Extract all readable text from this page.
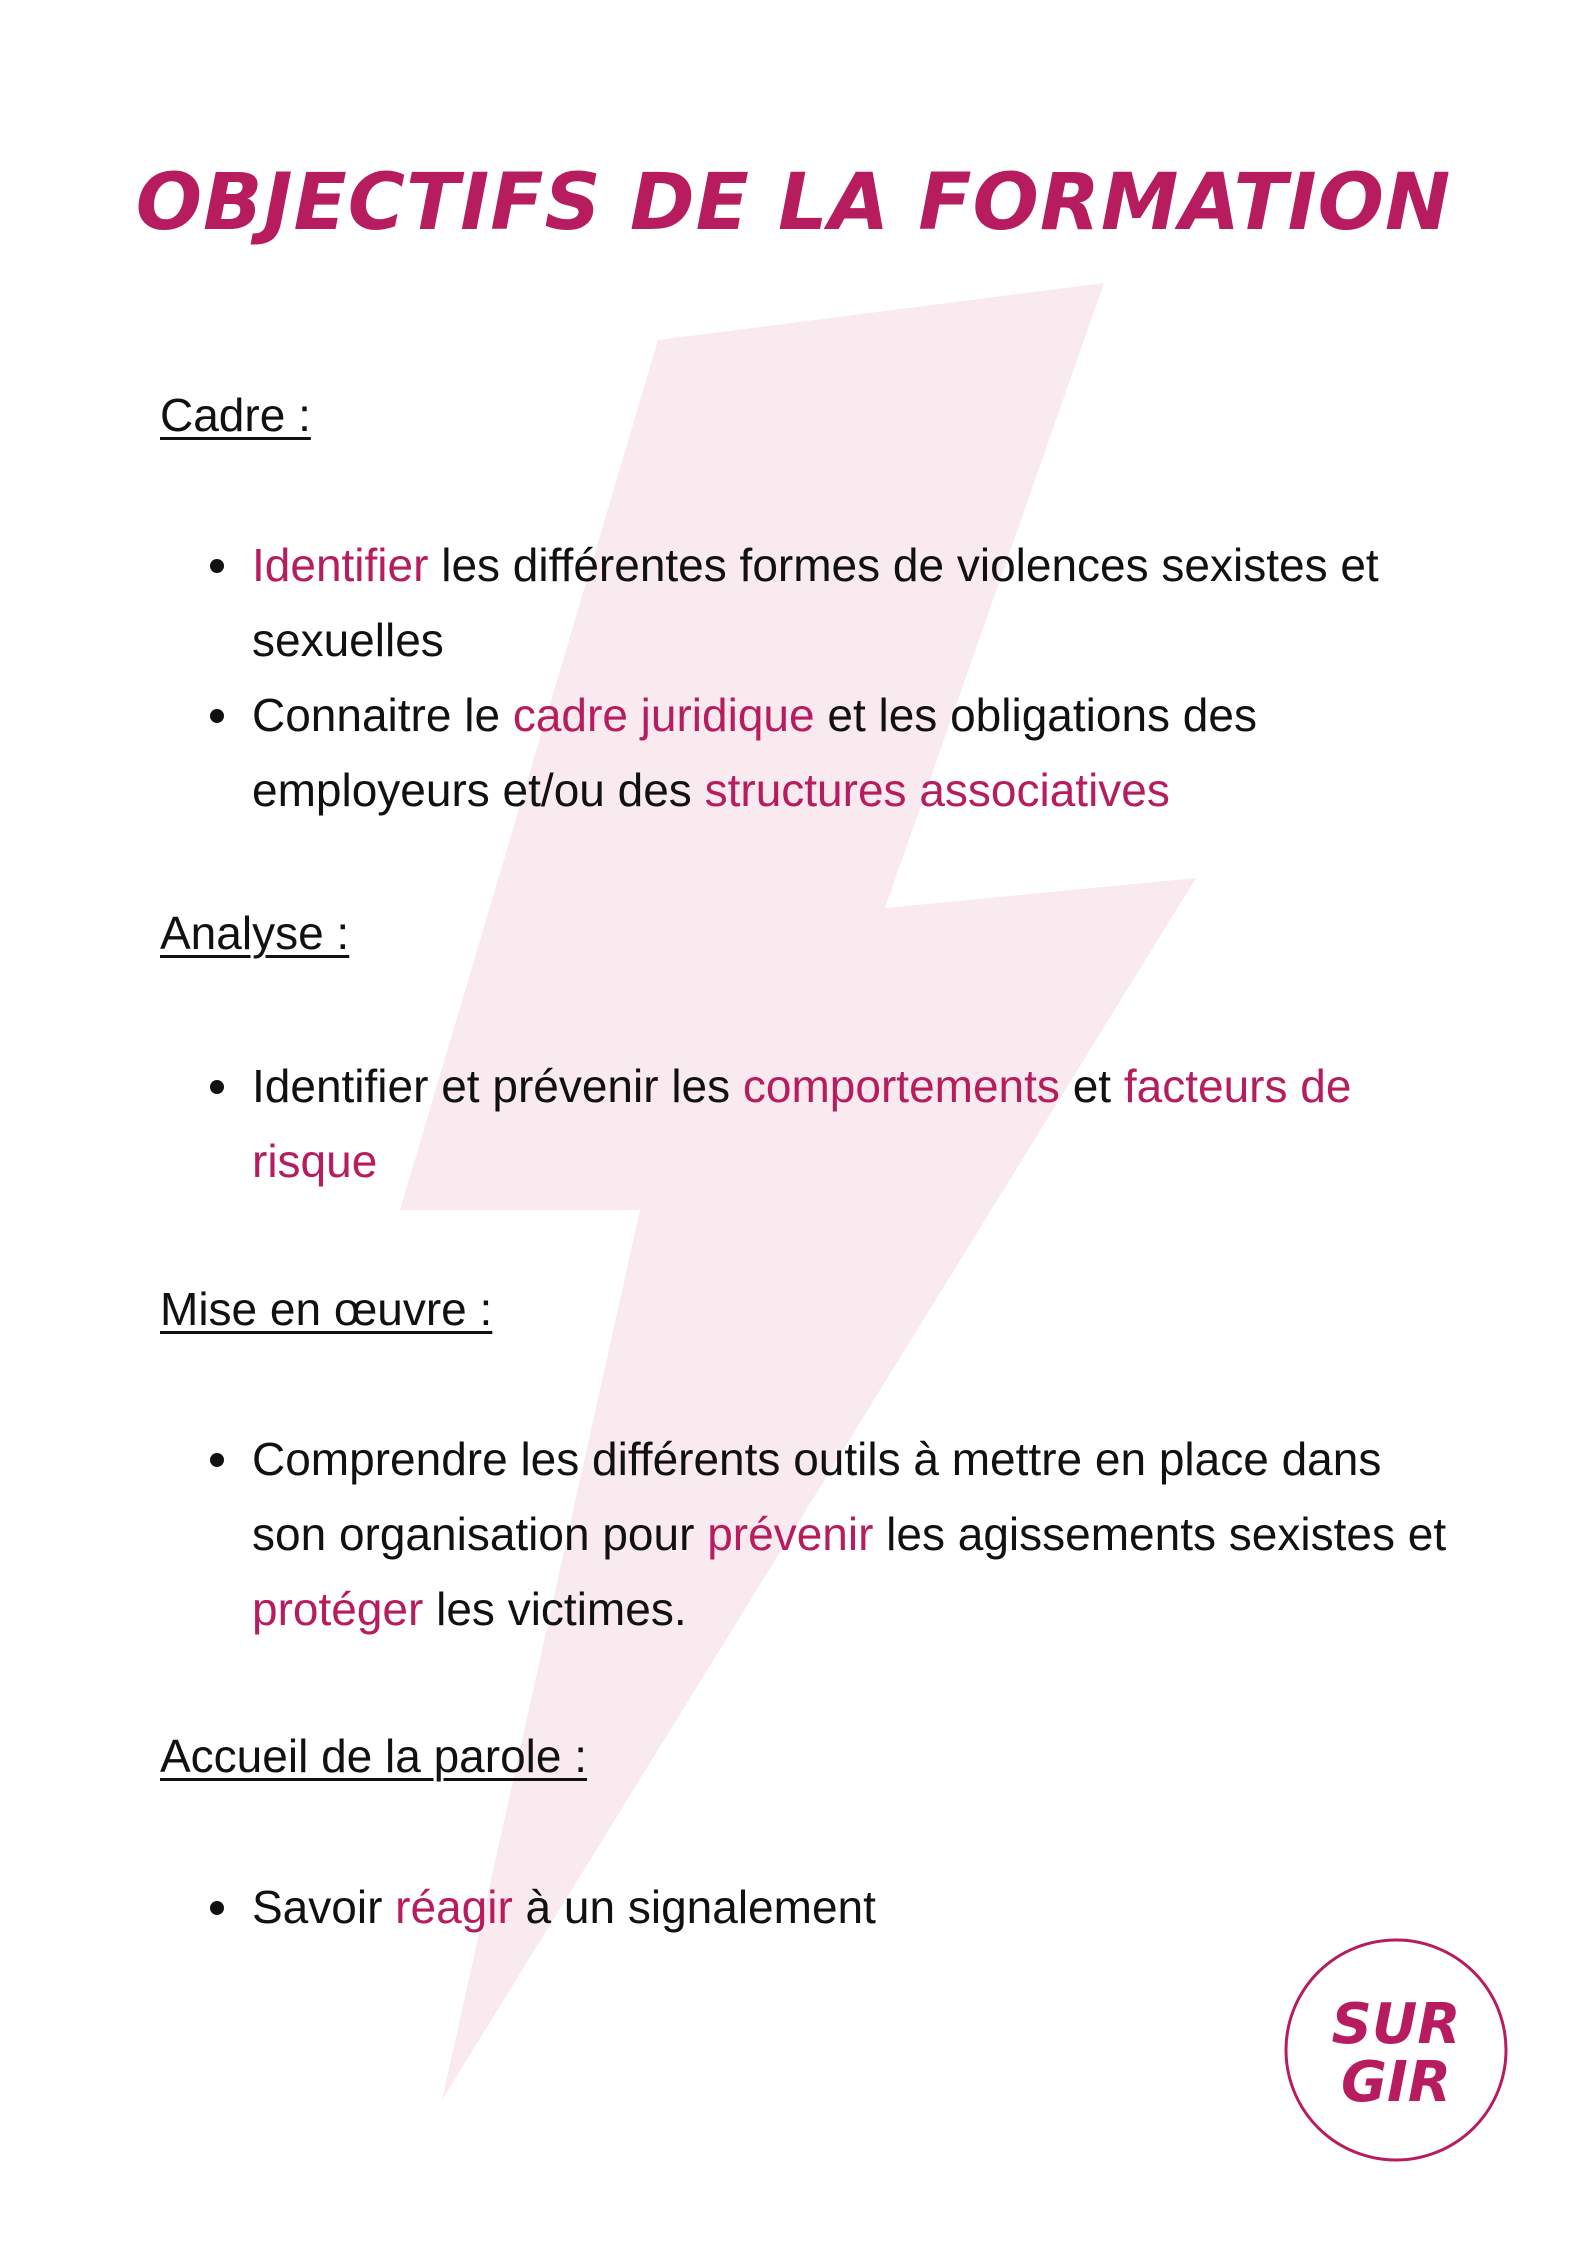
OBJECTIFS DE LA FORMATION
Cadre :
Identifier les différentes formes de violences sexistes et sexuelles
Connaitre le cadre juridique et les obligations des employeurs et/ou des structures associatives
Analyse :
Identifier et prévenir les comportements et facteurs de risque
Mise en œuvre :
Comprendre les différents outils à mettre en place dans son organisation pour prévenir les agissements sexistes et protéger les victimes.
Accueil de la parole :
Savoir réagir à un signalement
SUR
GIR
